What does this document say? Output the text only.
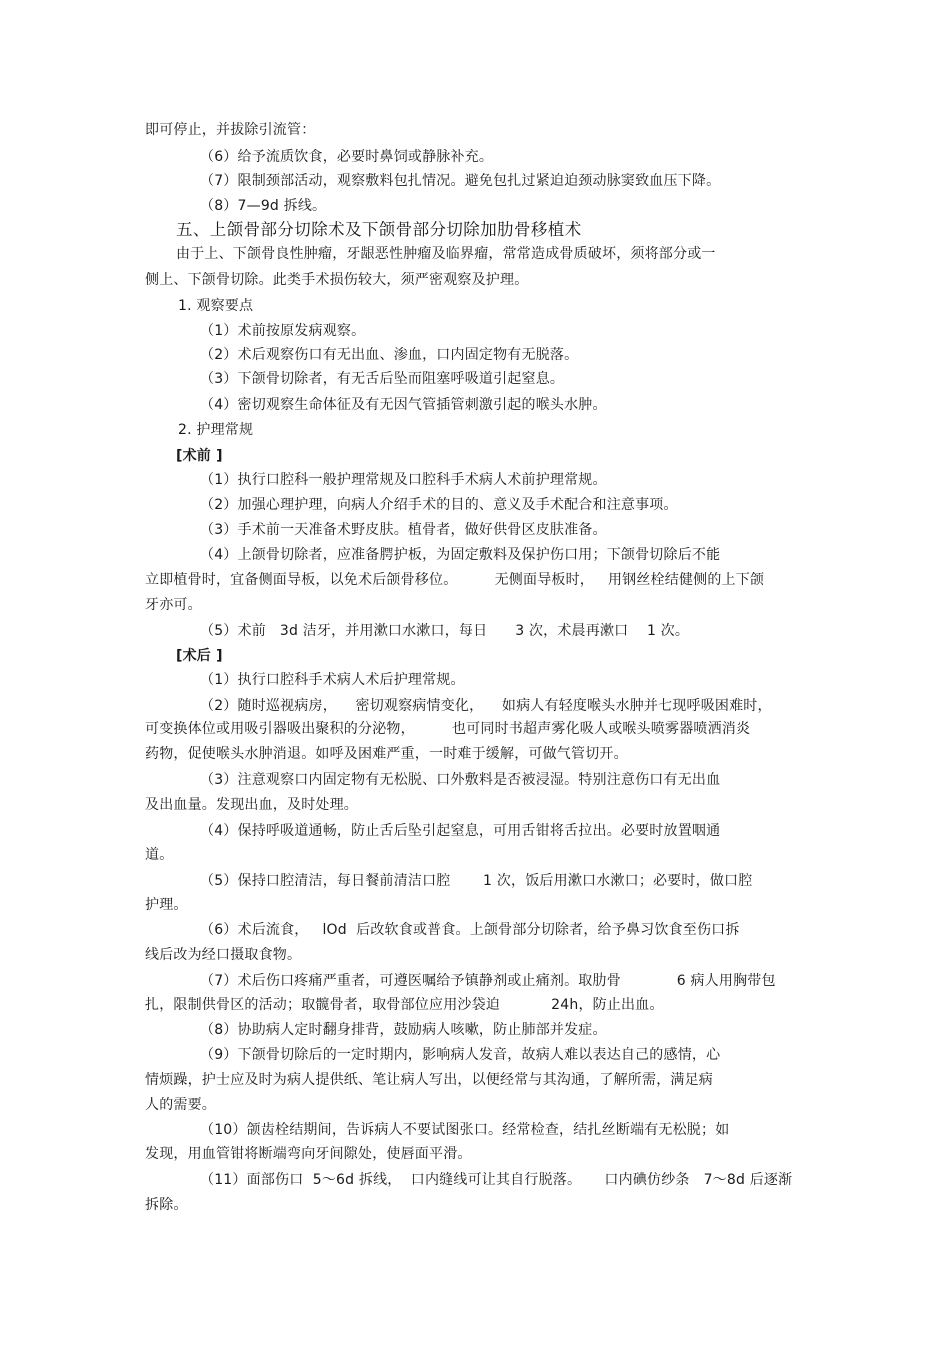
即可停止，并拔除引流管：
（6）给予流质饮食，必要时鼻饲或静脉补充。
（7）限制颈部活动，观察敷料包扎情况。避免包扎过紧迫迫颈动脉窦致血压下降。
（8）7—9d 拆线。
五、上颌骨部分切除术及下颌骨部分切除加肋骨移植术
由于上、下颌骨良性肿瘤，牙龈恶性肿瘤及临界瘤，常常造成骨质破坏，须将部分或一
侧上、下颌骨切除。此类手术损伤较大，须严密观察及护理。
1. 观察要点
（1）术前按原发病观察。
（2）术后观察伤口有无出血、渗血，口内固定物有无脱落。
（3）下颌骨切除者，有无舌后坠而阻塞呼吸道引起窒息。
（4）密切观察生命体征及有无因气管插管刺激引起的喉头水肿。
2. 护理常规
[术前 ]
（1）执行口腔科一般护理常规及口腔科手术病人术前护理常规。
（2）加强心理护理，向病人介绍手术的目的、意义及手术配合和注意事项。
（3）手术前一天准备术野皮肤。植骨者，做好供骨区皮肤准备。
（4）上颌骨切除者，应准备腭护板，为固定敷料及保护伤口用；下颌骨切除后不能
立即植骨时，宜备侧面导板，以免术后颌骨移位。        无侧面导板时，   用钢丝栓结健侧的上下颌
牙亦可。
（5）术前   3d 洁牙，并用漱口水漱口，每日      3 次，术晨再漱口    1 次。
[术后 ]
（1）执行口腔科手术病人术后护理常规。
（2）随时巡视病房，    密切观察病情变化，    如病人有轻度喉头水肿并七现呼吸困难时，
可变换体位或用吸引器吸出聚积的分泌物，        也可同时书超声雾化吸人或喉头喷雾器喷洒消炎
药物，促使喉头水肿消退。如呼及困难严重，一时难于缓解，可做气管切开。
（3）注意观察口内固定物有无松脱、口外敷料是否被浸湿。特别注意伤口有无出血
及出血量。发现出血，及时处理。
（4）保持呼吸道通畅，防止舌后坠引起窒息，可用舌钳将舌拉出。必要时放置咽通
道。
（5）保持口腔清洁，每日餐前清洁口腔       1 次，饭后用漱口水漱口；必要时，做口腔
护理。
（6）术后流食，   lOd  后改软食或普食。上颌骨部分切除者，给予鼻习饮食至伤口拆
线后改为经口摄取食物。
（7）术后伤口疼痛严重者，可遵医嘱给予镇静剂或止痛剂。取肋骨            6 病人用胸带包
扎，限制供骨区的活动；取髋骨者，取骨部位应用沙袋迫           24h，防止出血。
（8）协助病人定时翻身排背，鼓励病人咳嗽，防止肺部并发症。
（9）下颌骨切除后的一定时期内，影响病人发音，故病人难以表达自己的感情，心
情烦躁，护士应及时为病人提供纸、笔让病人写出，以便经常与其沟通，了解所需，满足病
人的需要。
（10）颌齿栓结期间，告诉病人不要试图张口。经常检查，结扎丝断端有无松脱；如
发现，用血管钳将断端弯向牙间隙处，使唇面平滑。
（11）面部伤口  5～6d 拆线，  口内缝线可让其自行脱落。     口内碘仿纱条   7～8d 后逐渐
拆除。
